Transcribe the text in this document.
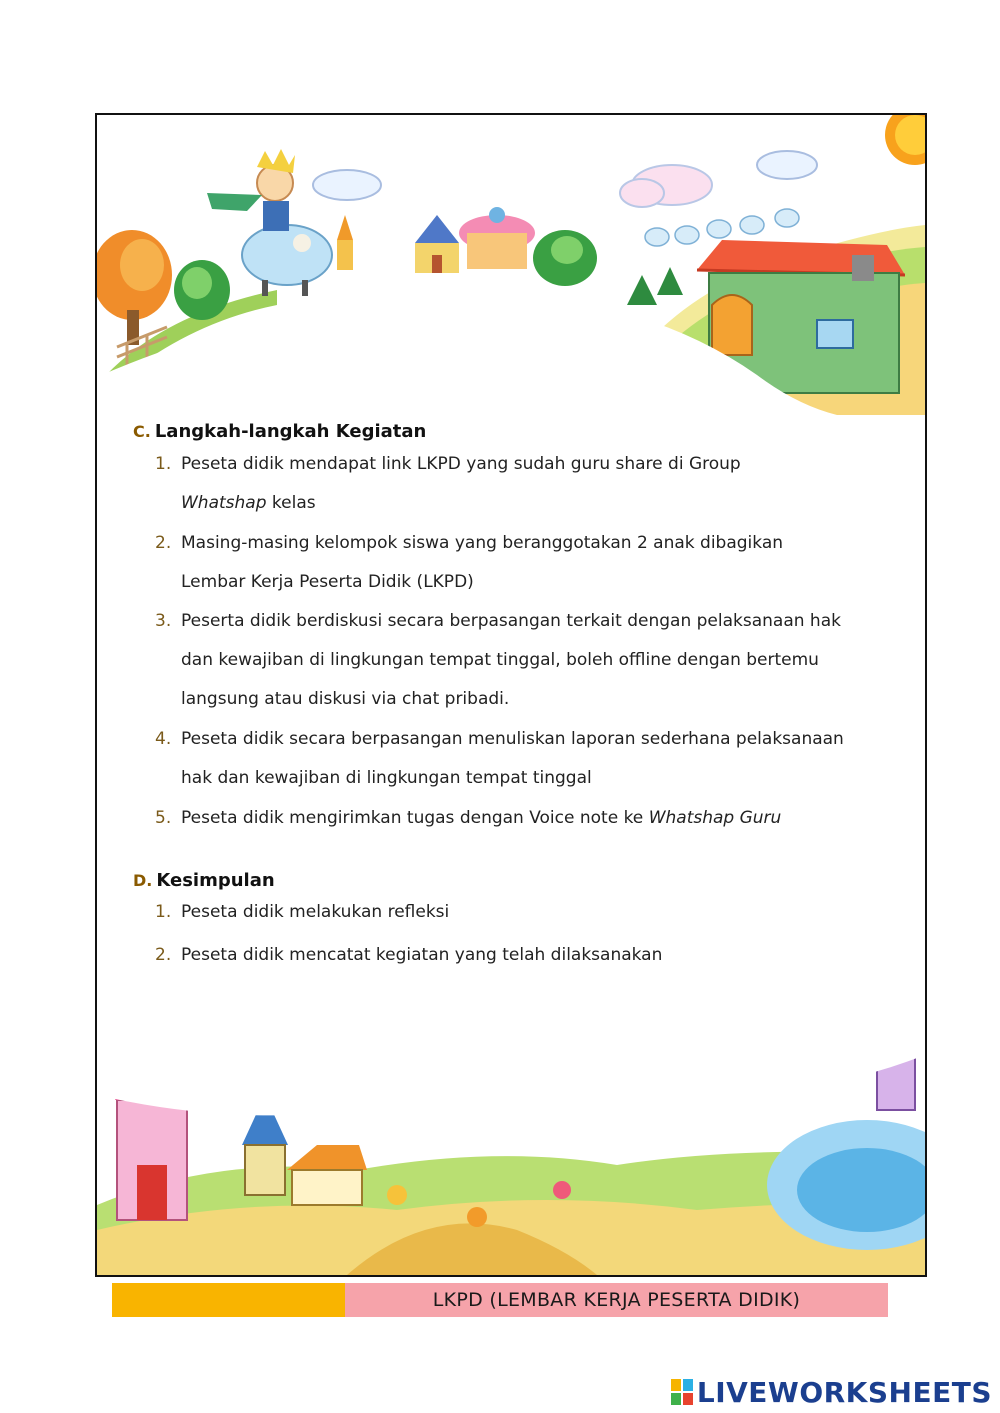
C. Langkah-langkah Kegiatan
1. Peseta didik mendapat link LKPD yang sudah guru share di Group
Whatshap kelas
2. Masing-masing kelompok siswa yang beranggotakan 2 anak dibagikan
Lembar Kerja Peserta Didik (LKPD)
3. Peserta didik berdiskusi secara berpasangan terkait dengan pelaksanaan hak
dan kewajiban di lingkungan tempat tinggal, boleh offline dengan bertemu
langsung atau diskusi via chat pribadi.
4. Peseta didik secara berpasangan menuliskan laporan sederhana pelaksanaan
hak dan kewajiban di lingkungan tempat tinggal
5. Peseta didik mengirimkan tugas dengan Voice note ke Whatshap Guru
D. Kesimpulan
1. Peseta didik melakukan refleksi
2. Peseta didik mencatat kegiatan yang telah dilaksanakan
LKPD (LEMBAR KERJA PESERTA DIDIK)
LIVEWORKSHEETS
